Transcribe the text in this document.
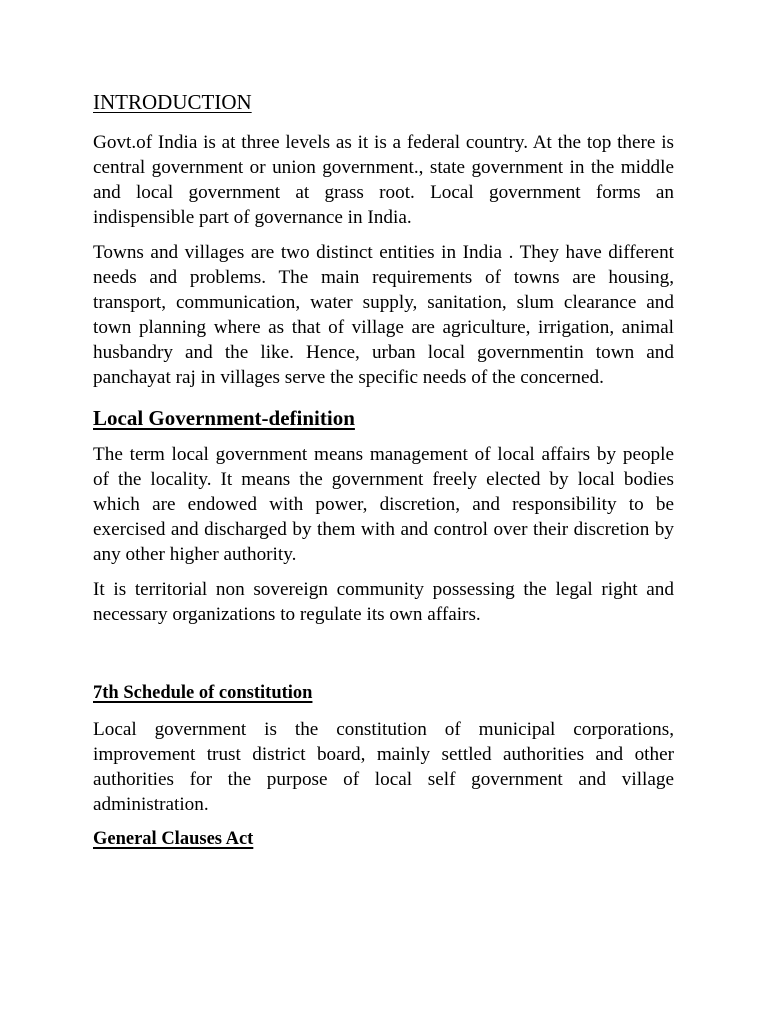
INTRODUCTION

Govt.of India is at three levels as it is a federal country. At the top there is central government or union government., state government in the middle and local government at grass root. Local government forms an indispensible part of governance in India.

Towns and villages are two distinct entities in India . They have different needs and problems. The main requirements of towns are housing, transport, communication, water supply, sanitation, slum clearance and town planning where as that of village are agriculture, irrigation, animal husbandry and the like. Hence, urban local governmentin town and panchayat raj in villages serve the specific needs of the concerned.

Local Government-definition

The term local government means management of local affairs by people of the locality. It means the government freely elected by local bodies which are endowed with power, discretion, and responsibility to be exercised and discharged by them with and control over their discretion by any other higher authority.

It is territorial non sovereign community possessing the legal right and necessary organizations to regulate its own affairs.

7th Schedule of constitution

Local government is the constitution of municipal corporations, improvement trust district board, mainly settled authorities and other authorities for the purpose of local self government and village administration.

General Clauses Act
